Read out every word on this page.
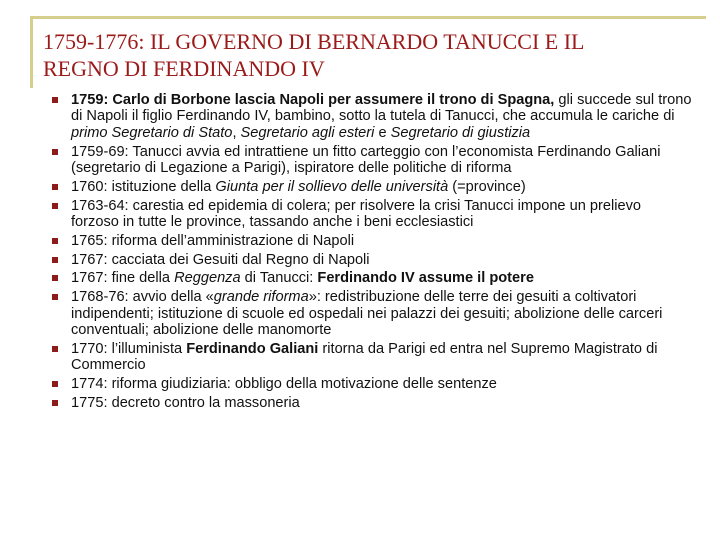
1759-1776: IL GOVERNO DI BERNARDO TANUCCI E IL
REGNO DI FERDINANDO IV
1759: Carlo di Borbone lascia Napoli per assumere il trono di Spagna, gli succede sul trono di Napoli il figlio Ferdinando IV, bambino, sotto la tutela di Tanucci, che accumula le cariche di primo Segretario di Stato, Segretario agli esteri e Segretario di giustizia
1759-69: Tanucci avvia ed intrattiene un fitto carteggio con l’economista Ferdinando Galiani (segretario di Legazione a Parigi), ispiratore delle politiche di riforma
1760: istituzione della Giunta per il sollievo delle università (=province)
1763-64: carestia ed epidemia di colera; per risolvere la crisi Tanucci impone un prelievo forzoso in tutte le province, tassando anche i beni ecclesiastici
1765: riforma dell’amministrazione di Napoli
1767: cacciata dei Gesuiti dal Regno di Napoli
1767: fine della Reggenza di Tanucci: Ferdinando IV assume il potere
1768-76: avvio della «grande riforma»: redistribuzione delle terre dei gesuiti a coltivatori indipendenti; istituzione di scuole ed ospedali nei palazzi dei gesuiti; abolizione delle carceri conventuali; abolizione delle manomorte
1770: l’illuminista Ferdinando Galiani ritorna da Parigi ed entra nel Supremo Magistrato di Commercio
1774: riforma giudiziaria: obbligo della motivazione delle sentenze
1775: decreto contro la massoneria
